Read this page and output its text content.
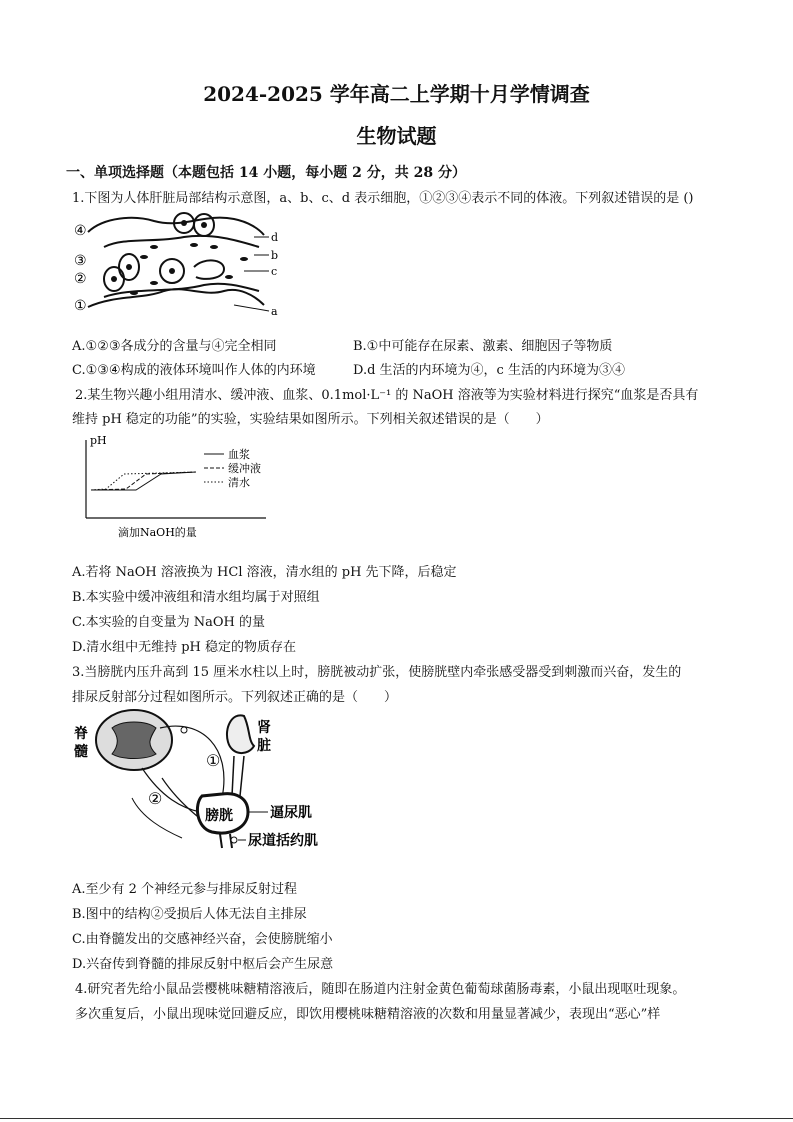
2024-2025 学年高二上学期十月学情调查
生物试题
一、单项选择题（本题包括 14 小题，每小题 2 分，共 28 分）
1.下图为人体肝脏局部结构示意图，a、b、c、d 表示细胞，①②③④表示不同的体液。下列叙述错误的是 ()
④
③
②
①
d
b
c
a
A.①②③各成分的含量与④完全相同	B.①中可能存在尿素、激素、细胞因子等物质
C.①③④构成的液体环境叫作人体的内环境	D.d 生活的内环境为④，c 生活的内环境为③④
2.某生物兴趣小组用清水、缓冲液、血浆、0.1mol·L⁻¹ 的 NaOH 溶液等为实验材料进行探究“血浆是否具有
维持 pH 稳定的功能”的实验，实验结果如图所示。下列相关叙述错误的是（　　）
pH
血浆
缓冲液
清水
滴加NaOH的量
A.若将 NaOH 溶液换为 HCl 溶液，清水组的 pH 先下降，后稳定
B.本实验中缓冲液组和清水组均属于对照组
C.本实验的自变量为 NaOH 的量
D.清水组中无维持 pH 稳定的物质存在
3.当膀胱内压升高到 15 厘米水柱以上时，膀胱被动扩张，使膀胱壁内牵张感受器受到刺激而兴奋，发生的
排尿反射部分过程如图所示。下列叙述正确的是（　　）
脊
髓
肾
脏
①
②
膀胱	逼尿肌
尿道括约肌
A.至少有 2 个神经元参与排尿反射过程
B.图中的结构②受损后人体无法自主排尿
C.由脊髓发出的交感神经兴奋，会使膀胱缩小
D.兴奋传到脊髓的排尿反射中枢后会产生尿意
4.研究者先给小鼠品尝樱桃味糖精溶液后，随即在肠道内注射金黄色葡萄球菌肠毒素，小鼠出现呕吐现象。
多次重复后，小鼠出现味觉回避反应，即饮用樱桃味糖精溶液的次数和用量显著减少，表现出“恶心”样
